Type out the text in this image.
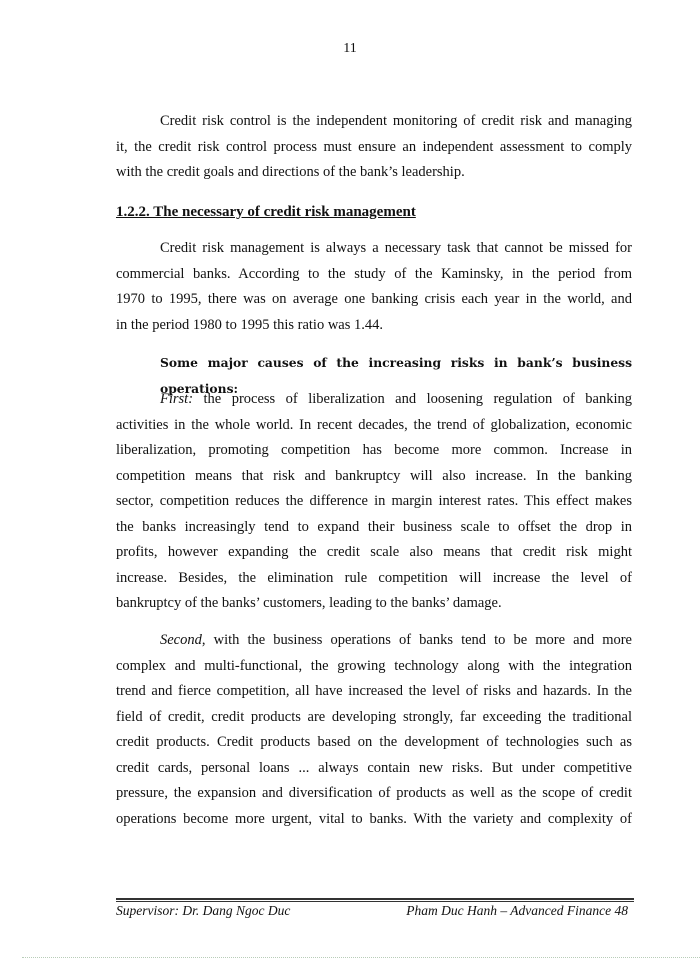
11
Credit risk control is the independent monitoring of credit risk and managing
it, the credit risk control process must ensure an independent assessment to comply
with the credit goals and directions of the bank’s leadership.
1.2.2. The necessary of credit risk management
Credit risk management is always a necessary task that cannot be missed for
commercial banks. According to the study of the Kaminsky, in the period from
1970 to 1995, there was on average one banking crisis each year in the world, and
in the period 1980 to 1995 this ratio was 1.44.
Some major causes of the increasing risks in bank’s business operations:
First: the process of liberalization and loosening regulation of banking
activities in the whole world. In recent decades, the trend of globalization, economic
liberalization, promoting competition has become more common. Increase in
competition means that risk and bankruptcy will also increase. In the banking
sector, competition reduces the difference in margin interest rates. This effect makes
the banks increasingly tend to expand their business scale to offset the drop in
profits, however expanding the credit scale also means that credit risk might
increase. Besides, the elimination rule competition will increase the level of
bankruptcy of the banks’ customers, leading to the banks’ damage.
Second, with the business operations of banks tend to be more and more
complex and multi-functional, the growing technology along with the integration
trend and fierce competition, all have increased the level of risks and hazards. In the
field of credit, credit products are developing strongly, far exceeding the traditional
credit products. Credit products based on the development of technologies such as
credit cards, personal loans ... always contain new risks. But under competitive
pressure, the expansion and diversification of products as well as the scope of credit
operations become more urgent, vital to banks. With the variety and complexity of
Supervisor: Dr. Dang Ngoc Duc	Pham Duc Hanh – Advanced Finance 48
